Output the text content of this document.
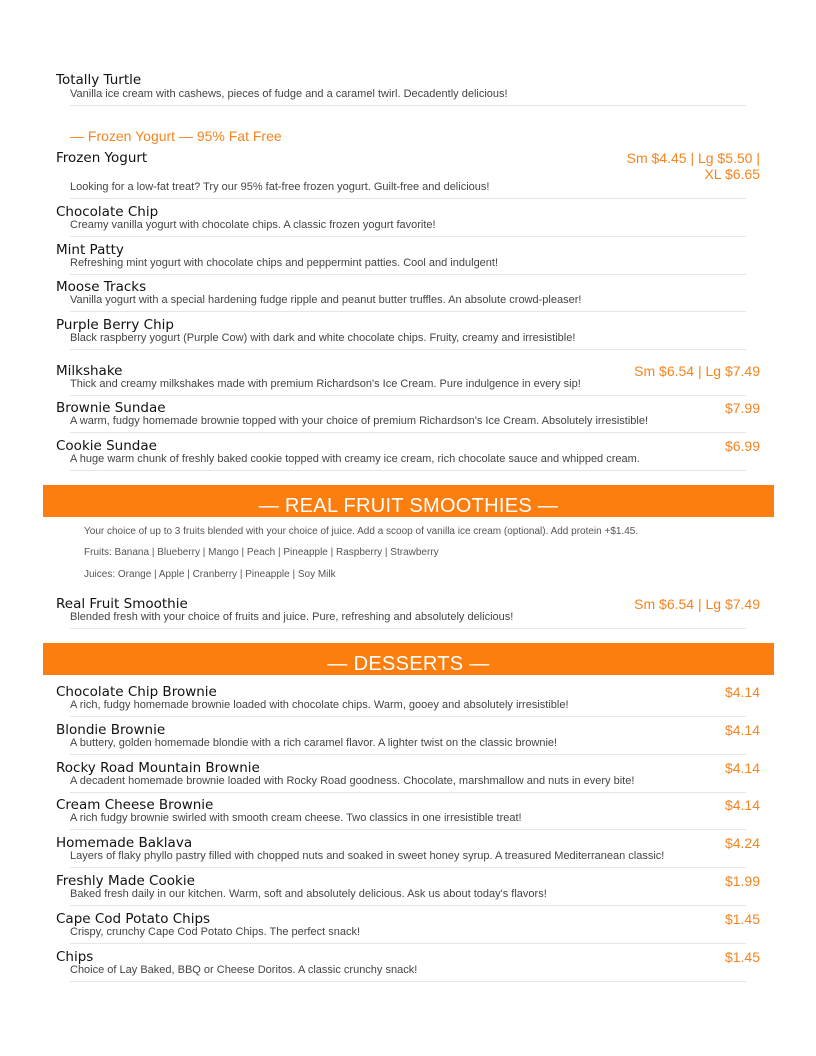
Totally Turtle
Vanilla ice cream with cashews, pieces of fudge and a caramel twirl. Decadently delicious!
— Frozen Yogurt — 95% Fat Free
Frozen Yogurt	Sm $4.45 | Lg $5.50 |
XL $6.65
Looking for a low-fat treat? Try our 95% fat-free frozen yogurt. Guilt-free and delicious!
Chocolate Chip
Creamy vanilla yogurt with chocolate chips. A classic frozen yogurt favorite!
Mint Patty
Refreshing mint yogurt with chocolate chips and peppermint patties. Cool and indulgent!
Moose Tracks
Vanilla yogurt with a special hardening fudge ripple and peanut butter truffles. An absolute crowd-pleaser!
Purple Berry Chip
Black raspberry yogurt (Purple Cow) with dark and white chocolate chips. Fruity, creamy and irresistible!
Milkshake	Sm $6.54 | Lg $7.49
Thick and creamy milkshakes made with premium Richardson's Ice Cream. Pure indulgence in every sip!
Brownie Sundae	$7.99
A warm, fudgy homemade brownie topped with your choice of premium Richardson's Ice Cream. Absolutely irresistible!
Cookie Sundae	$6.99
A huge warm chunk of freshly baked cookie topped with creamy ice cream, rich chocolate sauce and whipped cream.
— REAL FRUIT SMOOTHIES —
Your choice of up to 3 fruits blended with your choice of juice. Add a scoop of vanilla ice cream (optional). Add protein +$1.45.
Fruits: Banana | Blueberry | Mango | Peach | Pineapple | Raspberry | Strawberry
Juices: Orange | Apple | Cranberry | Pineapple | Soy Milk
Real Fruit Smoothie	Sm $6.54 | Lg $7.49
Blended fresh with your choice of fruits and juice. Pure, refreshing and absolutely delicious!
— DESSERTS —
Chocolate Chip Brownie	$4.14
A rich, fudgy homemade brownie loaded with chocolate chips. Warm, gooey and absolutely irresistible!
Blondie Brownie	$4.14
A buttery, golden homemade blondie with a rich caramel flavor. A lighter twist on the classic brownie!
Rocky Road Mountain Brownie	$4.14
A decadent homemade brownie loaded with Rocky Road goodness. Chocolate, marshmallow and nuts in every bite!
Cream Cheese Brownie	$4.14
A rich fudgy brownie swirled with smooth cream cheese. Two classics in one irresistible treat!
Homemade Baklava	$4.24
Layers of flaky phyllo pastry filled with chopped nuts and soaked in sweet honey syrup. A treasured Mediterranean classic!
Freshly Made Cookie	$1.99
Baked fresh daily in our kitchen. Warm, soft and absolutely delicious. Ask us about today's flavors!
Cape Cod Potato Chips	$1.45
Crispy, crunchy Cape Cod Potato Chips. The perfect snack!
Chips	$1.45
Choice of Lay Baked, BBQ or Cheese Doritos. A classic crunchy snack!
